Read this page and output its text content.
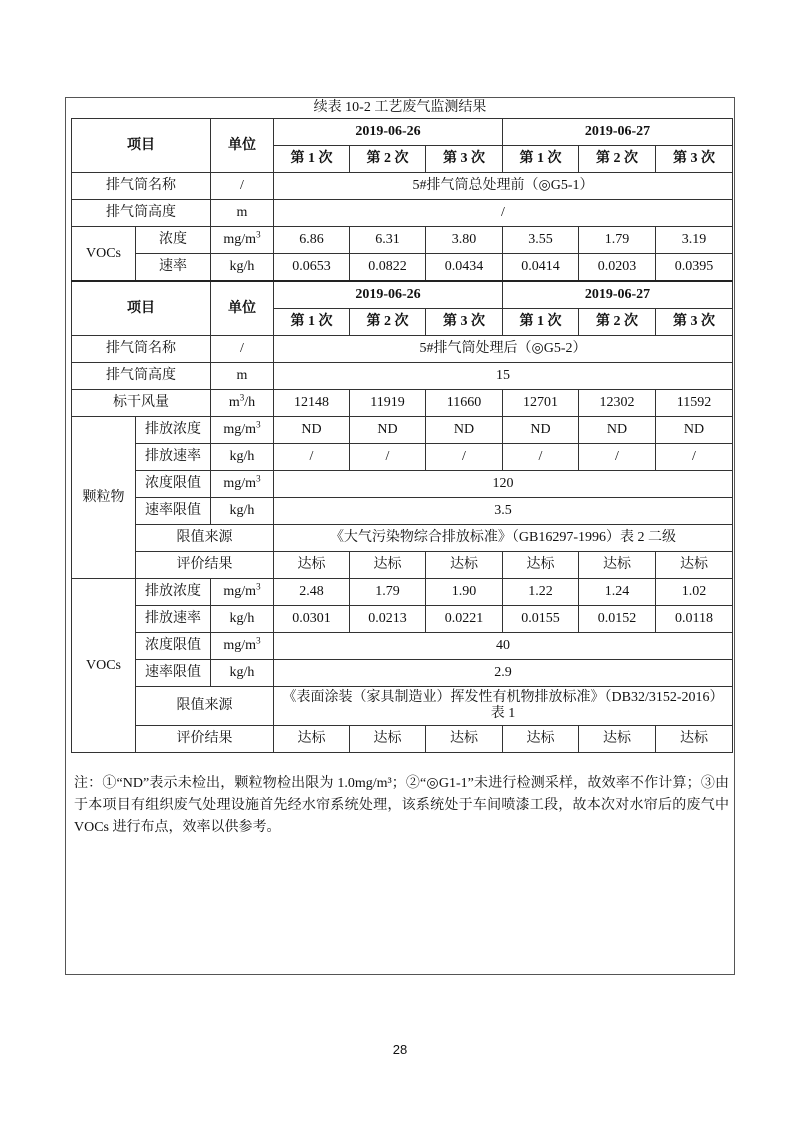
续表 10-2 工艺废气监测结果
项目		单位	2019-06-26			2019-06-27		
			第 1 次	第 2 次	第 3 次	第 1 次	第 2 次	第 3 次
排气筒名称		/	5#排气筒总处理前（◎G5-1）					
排气筒高度		m	/					
VOCs	浓度	$mg/m^3$	6.86	6.31	3.80	3.55	1.79	3.19
	速率	kg/h	0.0653	0.0822	0.0434	0.0414	0.0203	0.0395
项目		单位	2019-06-26			2019-06-27		
			第 1 次	第 2 次	第 3 次	第 1 次	第 2 次	第 3 次
排气筒名称		/	5#排气筒处理后（◎G5-2）					
排气筒高度		m	15					
标干风量		$m^3/h$	12148	11919	11660	12701	12302	11592
颗粒物	排放浓度	$mg/m^3$	ND	ND	ND	ND	ND	ND
	排放速率	kg/h	/	/	/	/	/	/
	浓度限值	$mg/m^3$	120					
	速率限值	kg/h	3.5					
	限值来源		《大气污染物综合排放标准》（GB16297-1996）表 2 二级					
	评价结果		达标	达标	达标	达标	达标	达标
VOCs	排放浓度	$mg/m^3$	2.48	1.79	1.90	1.22	1.24	1.02
	排放速率	kg/h	0.0301	0.0213	0.0221	0.0155	0.0152	0.0118
	浓度限值	$mg/m^3$	40					
	速率限值	kg/h	2.9					
	限值来源		《表面涂装（家具制造业）挥发性有机物排放标准》（DB32/3152-2016）
表 1					

	评价结果		达标	达标	达标	达标	达标	达标
注：①“ND”表示未检出，颗粒物检出限为 1.0mg/m³；②“◎G1-1”未进行检测采样，故效率不作计算；③由于本项目有组织废气处理设施首先经水帘系统处理，该系统处于车间喷漆工段，故本次对水帘后的废气中 VOCs 进行布点，效率以供参考。
28
